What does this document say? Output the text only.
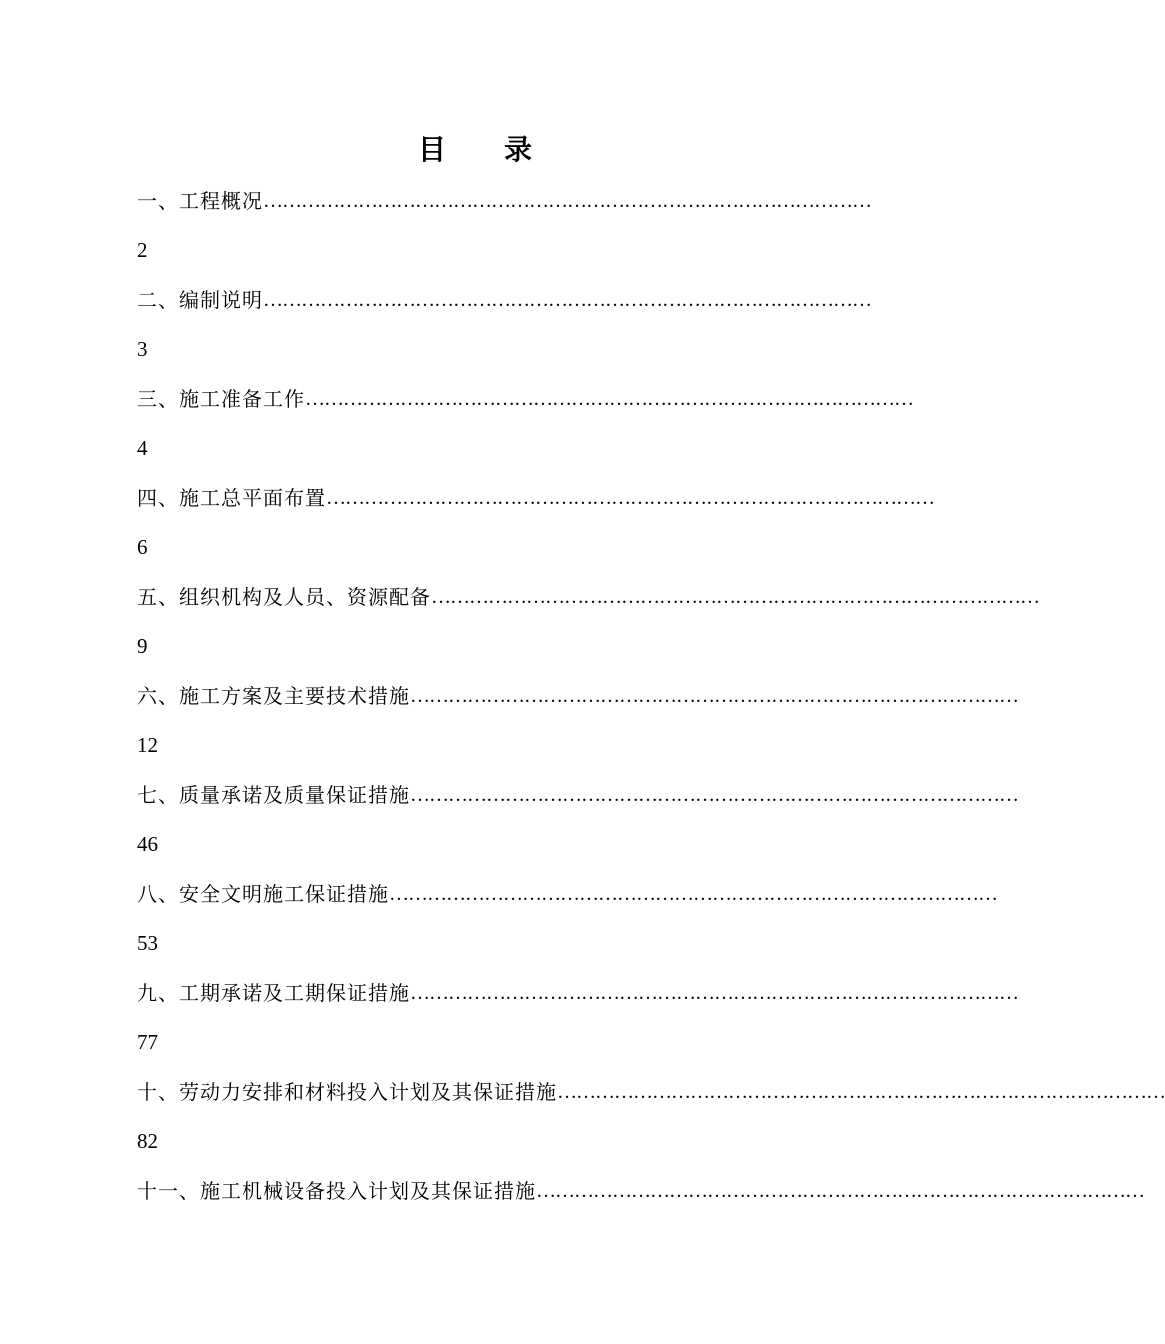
目录
一、工程概况 ……………………………………………………………………………………
2
二、编制说明 ……………………………………………………………………………………
3
三、施工准备工作 ……………………………………………………………………………………
4
四、施工总平面布置 ……………………………………………………………………………………
6
五、组织机构及人员、资源配备 ……………………………………………………………………………………
9
六、施工方案及主要技术措施 ……………………………………………………………………………………
12
七、质量承诺及质量保证措施 ……………………………………………………………………………………
46
八、安全文明施工保证措施 ……………………………………………………………………………………
53
九、工期承诺及工期保证措施 ……………………………………………………………………………………
77
十、劳动力安排和材料投入计划及其保证措施 ……………………………………………………………………………………
82
十一、施工机械设备投入计划及其保证措施 ……………………………………………………………………………………
